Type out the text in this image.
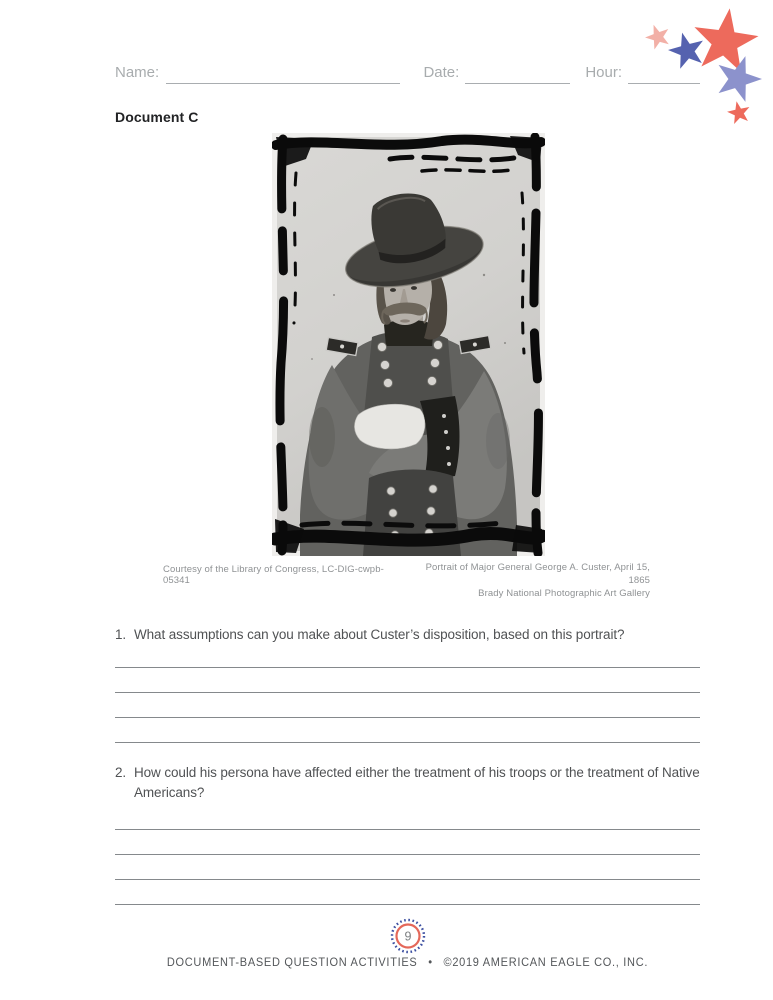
Name:	Date:	Hour:
Document C
Courtesy of the Library of Congress, LC-DIG-cwpb-05341
Portrait of Major General George A. Custer, April 15, 1865
Brady National Photographic Art Gallery
1. What assumptions can you make about Custer’s disposition, based on this portrait?
2. How could his persona have affected either the treatment of his troops or the treatment of Native Americans?
9
DOCUMENT-BASED QUESTION ACTIVITIES • ©2019 AMERICAN EAGLE CO., INC.
